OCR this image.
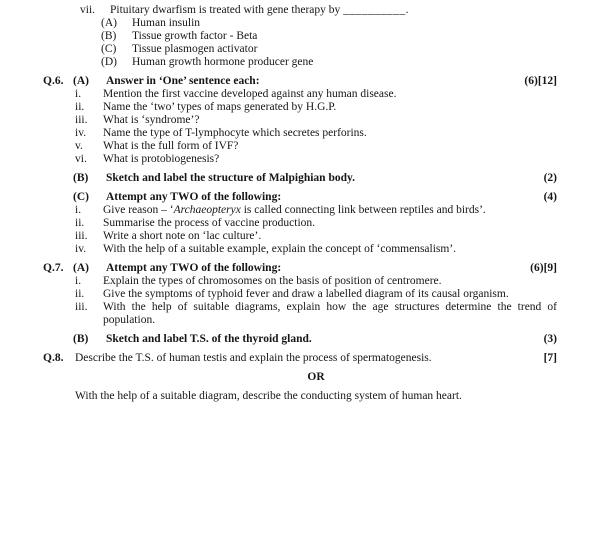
vii.	Pituitary dwarfism is treated with gene therapy by __________.
(A)	Human insulin
(B)	Tissue growth factor - Beta
(C)	Tissue plasmogen activator
(D)	Human growth hormone producer gene
Q.6. (A)	Answer in ‘One’ sentence each:	(6)[12]
i.	Mention the first vaccine developed against any human disease.
ii.	Name the ‘two’ types of maps generated by H.G.P.
iii.	What is ‘syndrome’?
iv.	Name the type of T-lymphocyte which secretes perforins.
v.	What is the full form of IVF?
vi.	What is protobiogenesis?
(B)	Sketch and label the structure of Malpighian body.	(2)
(C)	Attempt any TWO of the following:	(4)
i.	Give reason – ‘Archaeopteryx is called connecting link between reptiles and birds’.
ii.	Summarise the process of vaccine production.
iii.	Write a short note on ‘lac culture’.
iv.	With the help of a suitable example, explain the concept of ‘commensalism’.
Q.7. (A)	Attempt any TWO of the following:	(6)[9]
i.	Explain the types of chromosomes on the basis of position of centromere.
ii.	Give the symptoms of typhoid fever and draw a labelled diagram of its causal organism.
iii.	With the help of suitable diagrams, explain how the age structures determine the trend of population.
(B)	Sketch and label T.S. of the thyroid gland.	(3)
Q.8.	Describe the T.S. of human testis and explain the process of spermatogenesis.	[7]
OR
With the help of a suitable diagram, describe the conducting system of human heart.
